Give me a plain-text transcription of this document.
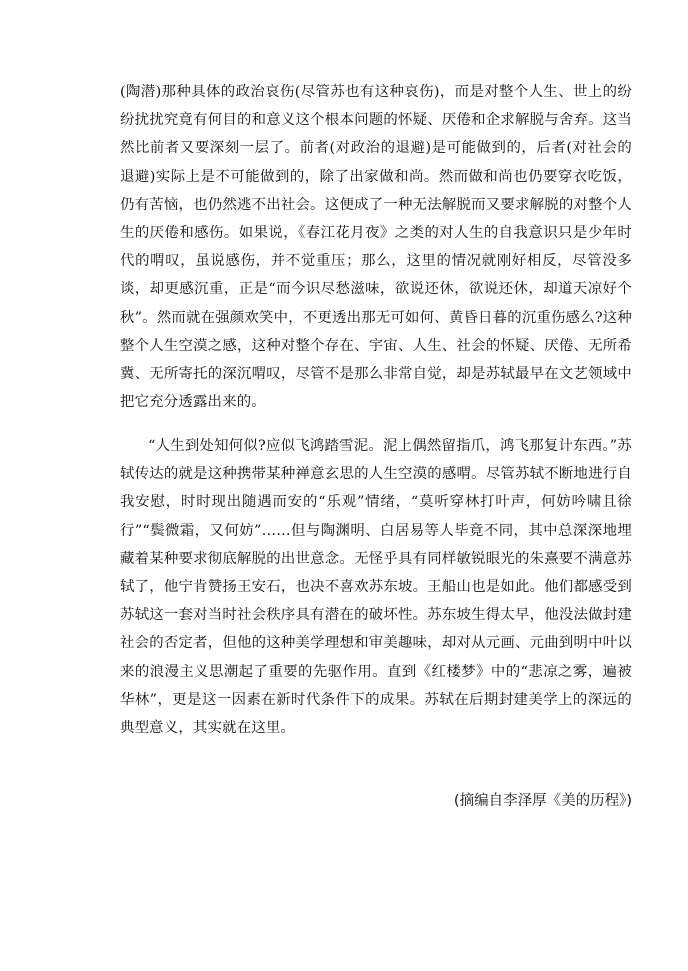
(陶潜)那种具体的政治哀伤(尽管苏也有这种哀伤)，而是对整个人生、世上的纷纷扰扰究竟有何目的和意义这个根本问题的怀疑、厌倦和企求解脱与舍弃。这当然比前者又要深刻一层了。前者(对政治的退避)是可能做到的，后者(对社会的退避)实际上是不可能做到的，除了出家做和尚。然而做和尚也仍要穿衣吃饭，仍有苦恼，也仍然逃不出社会。这便成了一种无法解脱而又要求解脱的对整个人生的厌倦和感伤。如果说，《春江花月夜》之类的对人生的自我意识只是少年时代的喟叹，虽说感伤，并不觉重压；那么，这里的情况就刚好相反，尽管没多谈，却更感沉重，正是“而今识尽愁滋味，欲说还休，欲说还休，却道天凉好个秋”。然而就在强颜欢笑中，不更透出那无可如何、黄昏日暮的沉重伤感么?这种整个人生空漠之感，这种对整个存在、宇宙、人生、社会的怀疑、厌倦、无所希冀、无所寄托的深沉喟叹，尽管不是那么非常自觉，却是苏轼最早在文艺领域中把它充分透露出来的。

“人生到处知何似?应似飞鸿踏雪泥。泥上偶然留指爪，鸿飞那复计东西。”苏轼传达的就是这种携带某种禅意玄思的人生空漠的感喟。尽管苏轼不断地进行自我安慰，时时现出随遇而安的“乐观”情绪，“莫听穿林打叶声，何妨吟啸且徐行”“鬓微霜，又何妨”……但与陶渊明、白居易等人毕竟不同，其中总深深地埋藏着某种要求彻底解脱的出世意念。无怪乎具有同样敏锐眼光的朱熹要不满意苏轼了，他宁肯赞扬王安石，也决不喜欢苏东坡。王船山也是如此。他们都感受到苏轼这一套对当时社会秩序具有潜在的破坏性。苏东坡生得太早，他没法做封建社会的否定者，但他的这种美学理想和审美趣味，却对从元画、元曲到明中叶以来的浪漫主义思潮起了重要的先驱作用。直到《红楼梦》中的“悲凉之雾，遍被华林”，更是这一因素在新时代条件下的成果。苏轼在后期封建美学上的深远的典型意义，其实就在这里。

(摘编自李泽厚《美的历程》)
